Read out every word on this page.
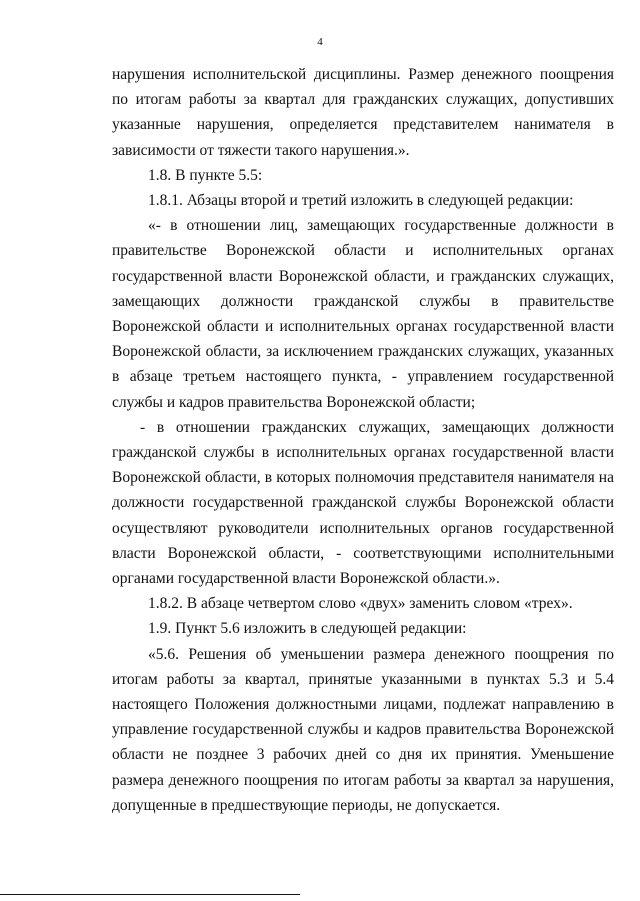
4

нарушения исполнительской дисциплины. Размер денежного поощрения по итогам работы за квартал для гражданских служащих, допустивших указанные нарушения, определяется представителем нанимателя в зависимости от тяжести такого нарушения.».

1.8. В пункте 5.5:

1.8.1. Абзацы второй и третий изложить в следующей редакции:

«- в отношении лиц, замещающих государственные должности в правительстве Воронежской области и исполнительных органах государственной власти Воронежской области, и гражданских служащих, замещающих должности гражданской службы в правительстве Воронежской области и исполнительных органах государственной власти Воронежской области, за исключением гражданских служащих, указанных в абзаце третьем настоящего пункта, - управлением государственной службы и кадров правительства Воронежской области;

- в отношении гражданских служащих, замещающих должности гражданской службы в исполнительных органах государственной власти Воронежской области, в которых полномочия представителя нанимателя на должности государственной гражданской службы Воронежской области осуществляют руководители исполнительных органов государственной власти Воронежской области, - соответствующими исполнительными органами государственной власти Воронежской области.».

1.8.2. В абзаце четвертом слово «двух» заменить словом «трех».

1.9. Пункт 5.6 изложить в следующей редакции:

«5.6. Решения об уменьшении размера денежного поощрения по итогам работы за квартал, принятые указанными в пунктах 5.3 и 5.4 настоящего Положения должностными лицами, подлежат направлению в управление государственной службы и кадров правительства Воронежской области не позднее 3 рабочих дней со дня их принятия. Уменьшение размера денежного поощрения по итогам работы за квартал за нарушения, допущенные в предшествующие периоды, не допускается.
